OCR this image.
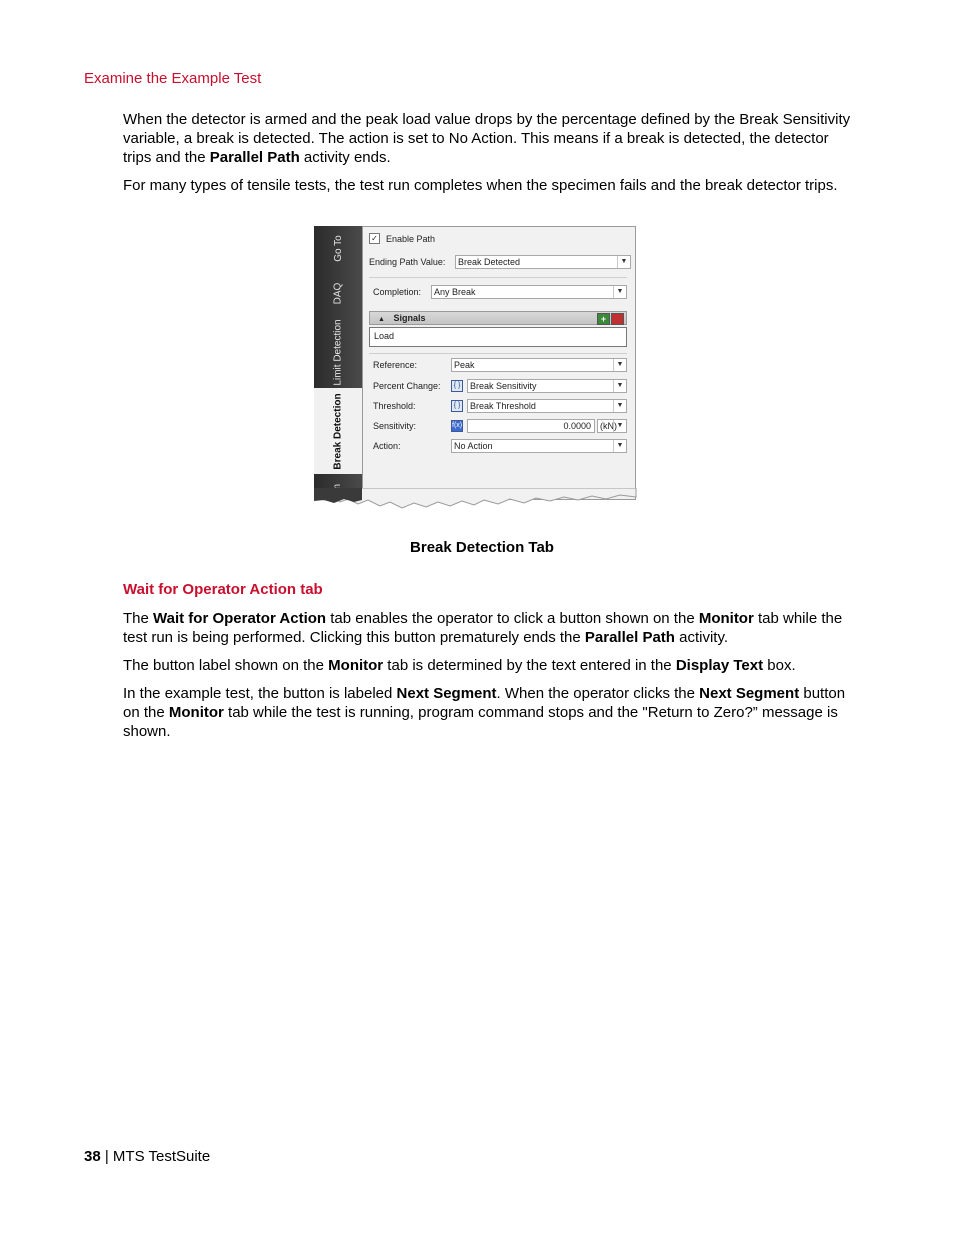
Examine the Example Test

When the detector is armed and the peak load value drops by the percentage defined by the Break Sensitivity variable, a break is detected. The action is set to No Action. This means if a break is detected, the detector trips and the Parallel Path activity ends.

For many types of tensile tests, the test run completes when the specimen fails and the break detector trips.

Go To
DAQ
Limit Detection
Break Detection
✓ Enable Path
Ending Path Value:	Break Detected	▼
Completion:	Any Break	▼
▲ Signals	+
Load
Reference:	Peak	▼
Percent Change:	{ }	Break Sensitivity	▼
Threshold:	{ }	Break Threshold	▼
Sensitivity:	f(x)	0.0000	(kN) ▼
Action:	No Action	▼
Break Detection Tab
Wait for Operator Action tab

The Wait for Operator Action tab enables the operator to click a button shown on the Monitor tab while the test run is being performed. Clicking this button prematurely ends the Parallel Path activity.

The button label shown on the Monitor tab is determined by the text entered in the Display Text box.

In the example test, the button is labeled Next Segment. When the operator clicks the Next Segment button on the Monitor tab while the test is running, program command stops and the "Return to Zero?” message is shown.

38 | MTS TestSuite
